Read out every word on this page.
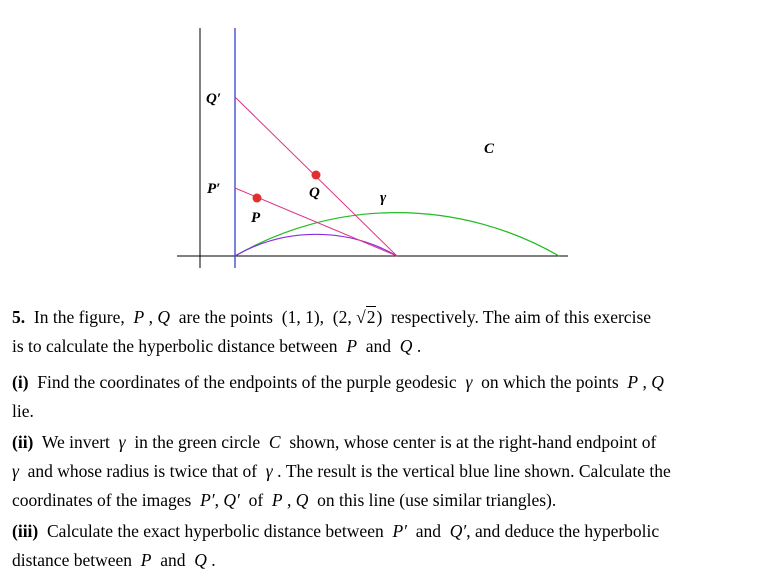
Q′
P′
P
Q	γ
C
5. In the figure, P , Q are the points (1, 1), (2, √2) respectively. The aim of this exercise
is to calculate the hyperbolic distance between P and Q .
(i) Find the coordinates of the endpoints of the purple geodesic γ on which the points P , Q
lie.
(ii) We invert γ in the green circle C shown, whose center is at the right-hand endpoint of
γ and whose radius is twice that of γ . The result is the vertical blue line shown. Calculate the
coordinates of the images P′, Q′ of P , Q on this line (use similar triangles).
(iii) Calculate the exact hyperbolic distance between P′ and Q′, and deduce the hyperbolic
distance between P and Q .
